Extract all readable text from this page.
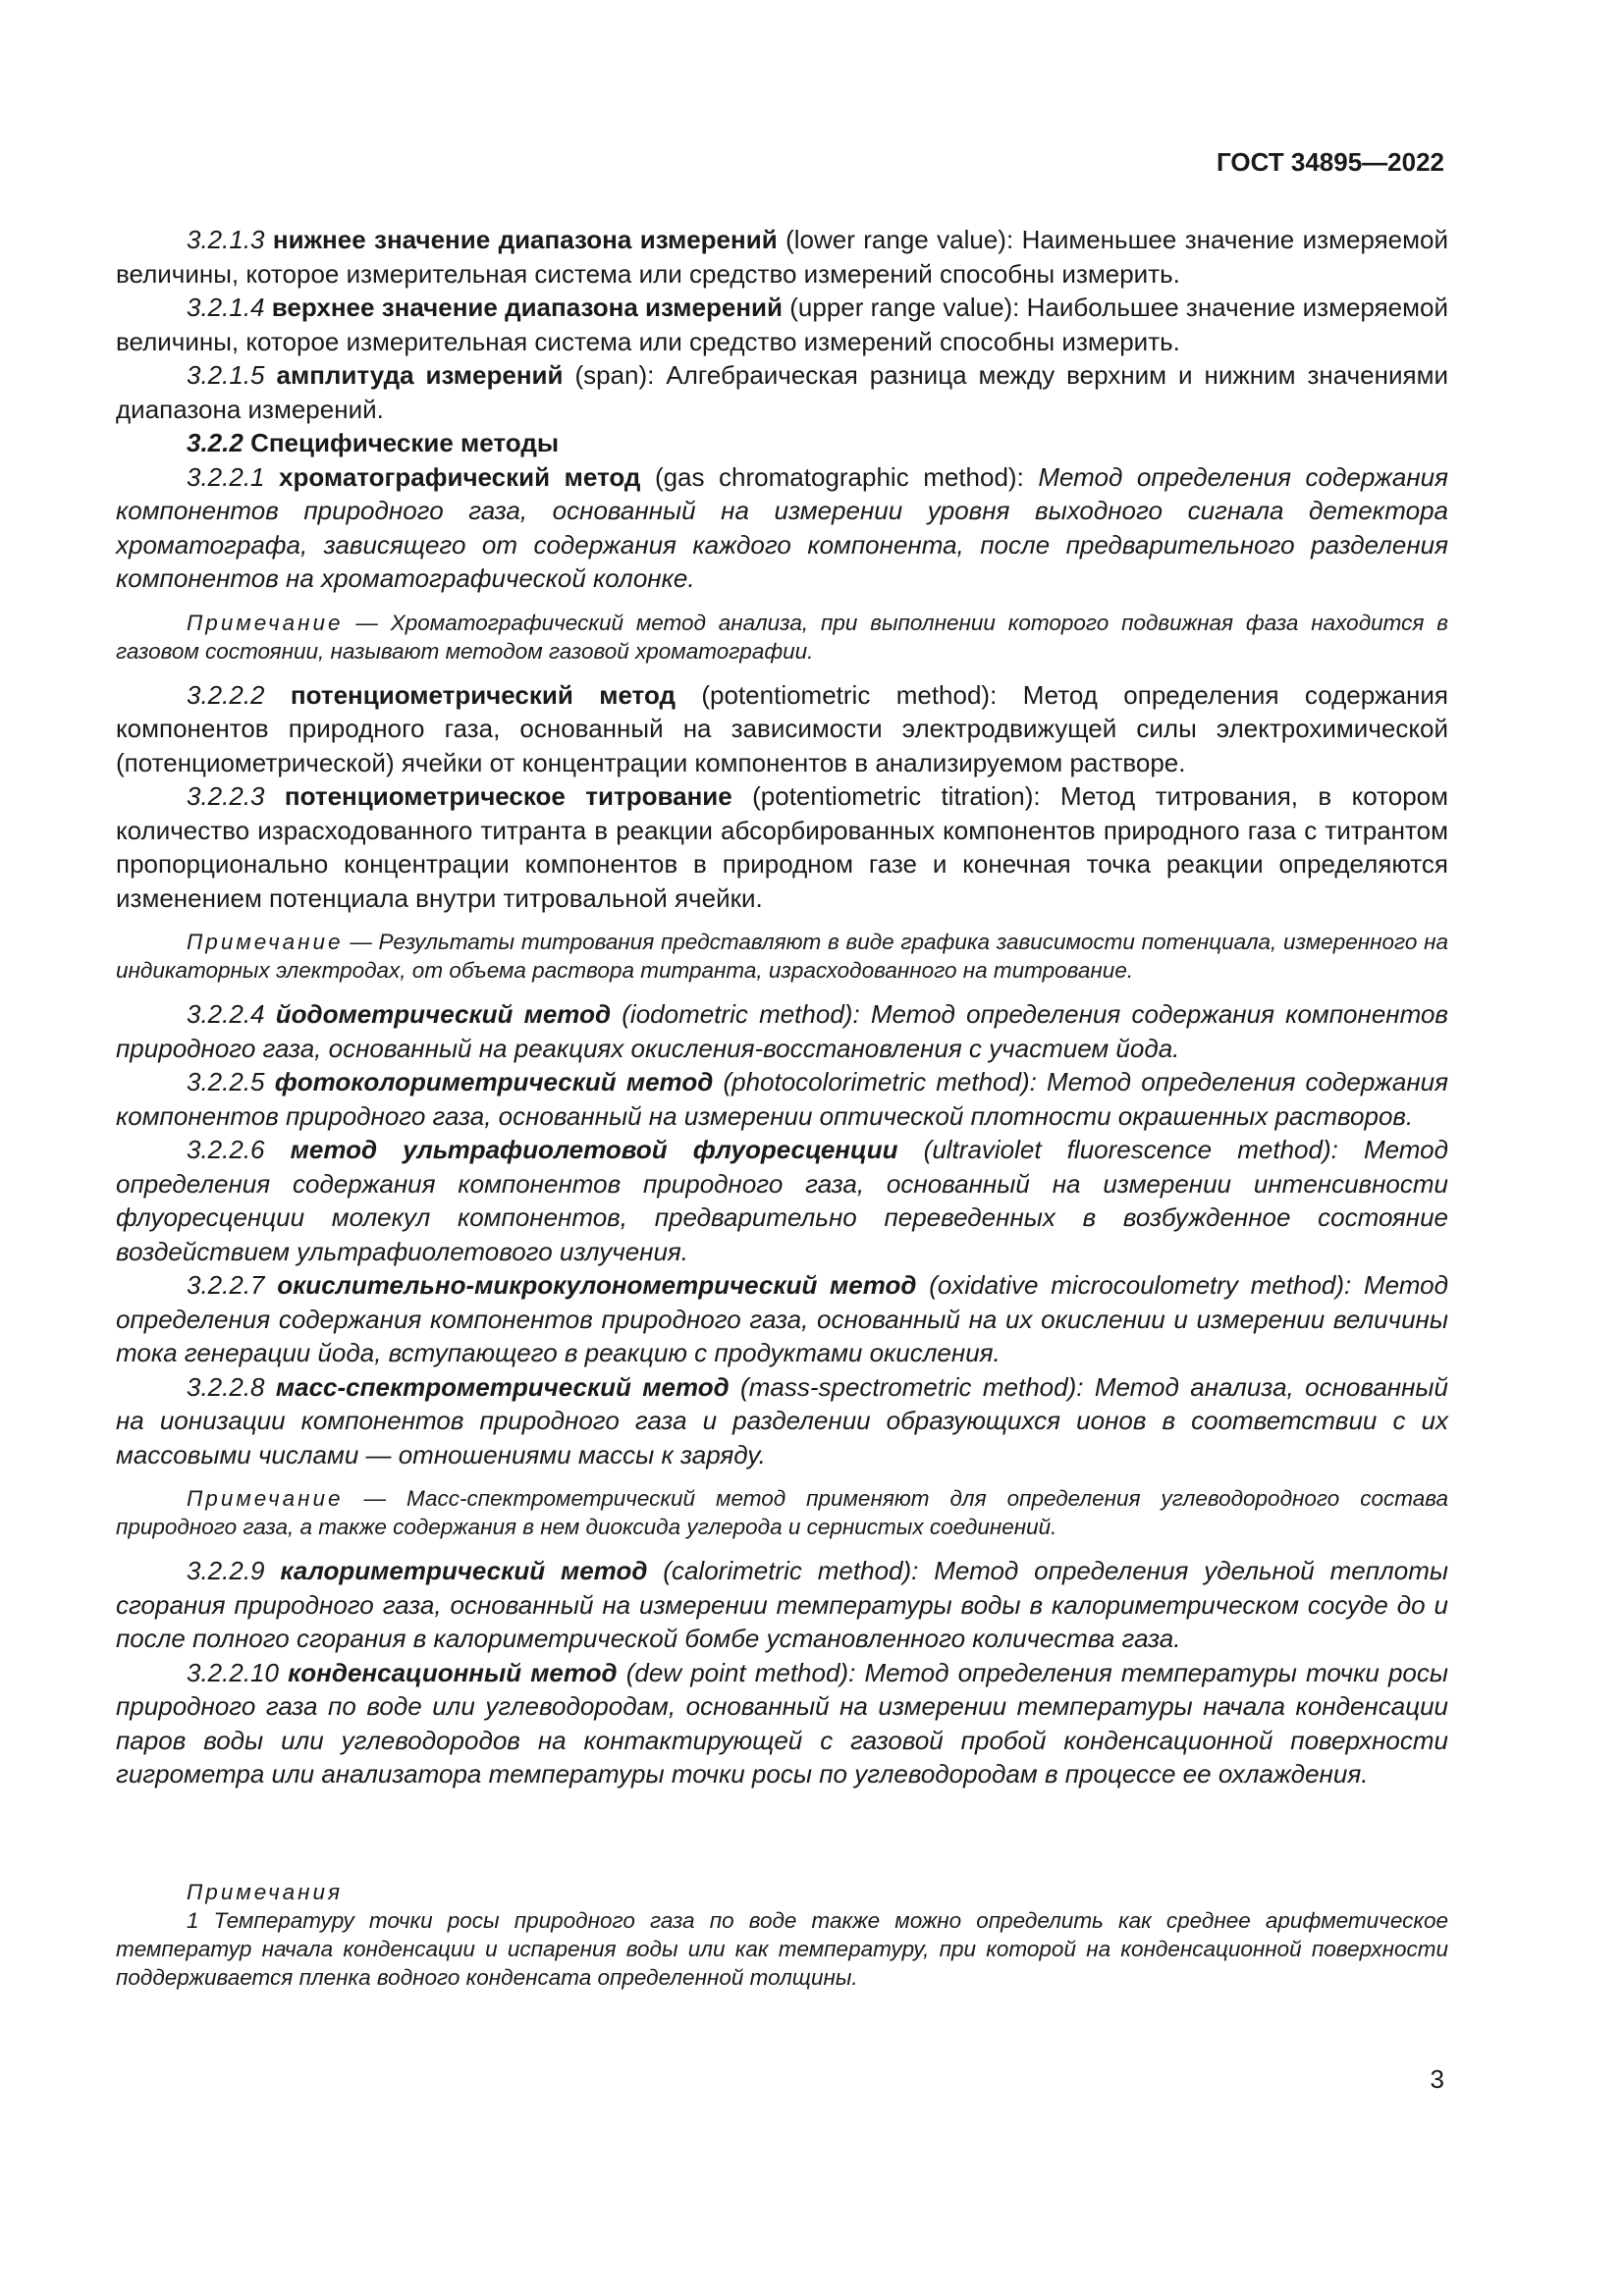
ГОСТ 34895—2022

3.2.1.3 нижнее значение диапазона измерений (lower range value): Наименьшее значение измеряемой величины, которое измерительная система или средство измерений способны измерить.

3.2.1.4 верхнее значение диапазона измерений (upper range value): Наибольшее значение измеряемой величины, которое измерительная система или средство измерений способны измерить.

3.2.1.5 амплитуда измерений (span): Алгебраическая разница между верхним и нижним значениями диапазона измерений.

3.2.2 Специфические методы

3.2.2.1 хроматографический метод (gas chromatographic method): Метод определения содержания компонентов природного газа, основанный на измерении уровня выходного сигнала детектора хроматографа, зависящего от содержания каждого компонента, после предварительного разделения компонентов на хроматографической колонке.

Примечание — Хроматографический метод анализа, при выполнении которого подвижная фаза находится в газовом состоянии, называют методом газовой хроматографии.

3.2.2.2 потенциометрический метод (potentiometric method): Метод определения содержания компонентов природного газа, основанный на зависимости электродвижущей силы электрохимической (потенциометрической) ячейки от концентрации компонентов в анализируемом растворе.

3.2.2.3 потенциометрическое титрование (potentiometric titration): Метод титрования, в котором количество израсходованного титранта в реакции абсорбированных компонентов природного газа с титрантом пропорционально концентрации компонентов в природном газе и конечная точка реакции определяются изменением потенциала внутри титровальной ячейки.

Примечание — Результаты титрования представляют в виде графика зависимости потенциала, измеренного на индикаторных электродах, от объема раствора титранта, израсходованного на титрование.

3.2.2.4 йодометрический метод (iodometric method): Метод определения содержания компонентов природного газа, основанный на реакциях окисления-восстановления с участием йода.

3.2.2.5 фотоколориметрический метод (photocolorimetric method): Метод определения содержания компонентов природного газа, основанный на измерении оптической плотности окрашенных растворов.

3.2.2.6 метод ультрафиолетовой флуоресценции (ultraviolet fluorescence method): Метод определения содержания компонентов природного газа, основанный на измерении интенсивности флуоресценции молекул компонентов, предварительно переведенных в возбужденное состояние воздействием ультрафиолетового излучения.

3.2.2.7 окислительно-микрокулонометрический метод (oxidative microcoulometry method): Метод определения содержания компонентов природного газа, основанный на их окислении и измерении величины тока генерации йода, вступающего в реакцию с продуктами окисления.

3.2.2.8 масс-спектрометрический метод (mass-spectrometric method): Метод анализа, основанный на ионизации компонентов природного газа и разделении образующихся ионов в соответствии с их массовыми числами — отношениями массы к заряду.

Примечание — Масс-спектрометрический метод применяют для определения углеводородного состава природного газа, а также содержания в нем диоксида углерода и сернистых соединений.

3.2.2.9 калориметрический метод (calorimetric method): Метод определения удельной теплоты сгорания природного газа, основанный на измерении температуры воды в калориметрическом сосуде до и после полного сгорания в калориметрической бомбе установленного количества газа.

3.2.2.10 конденсационный метод (dew point method): Метод определения температуры точки росы природного газа по воде или углеводородам, основанный на измерении температуры начала конденсации паров воды или углеводородов на контактирующей с газовой пробой конденсационной поверхности гигрометра или анализатора температуры точки росы по углеводородам в процессе ее охлаждения.

Примечания

1 Температуру точки росы природного газа по воде также можно определить как среднее арифметическое температур начала конденсации и испарения воды или как температуру, при которой на конденсационной поверхности поддерживается пленка водного конденсата определенной толщины.

3
